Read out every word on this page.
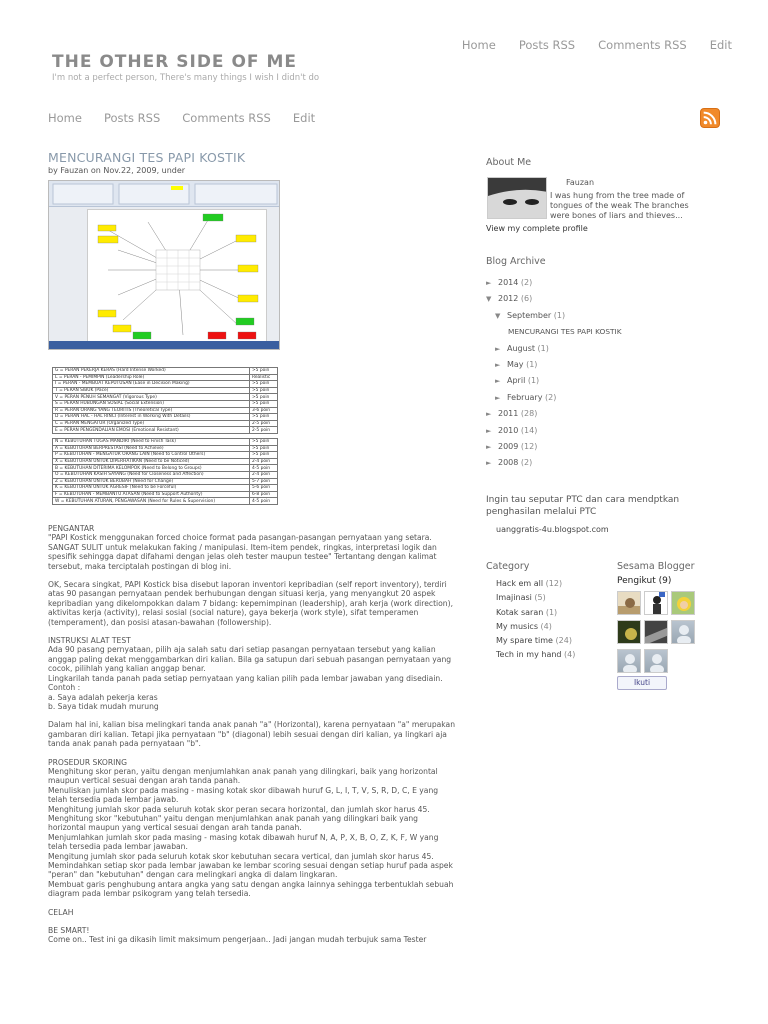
Home Posts RSS Comments RSS Edit
THE OTHER SIDE OF ME
I'm not a perfect person, There's many things I wish I didn't do
Home Posts RSS Comments RSS Edit
MENCURANGI TES PAPI KOSTIK
by Fauzan on Nov.22, 2009, under
G = PERAN PEKERJA KERAS (Hard Intense Worked)	>5 poin
L = PERAN - PEMIMPIN (Leadership Role)	Realistic
I = PERAN - MEMBUAT KEPUTUSAN (Ease in Decision Making)	>5 poin
T = PERAN SIBUK (Pace)	>5 poin
V = PERAN PENUH SEMANGAT (Vigorous Type)	>5 poin
S = PERAN HUBUNGAN SOSIAL (Social Extension)	>5 poin
R = PERAN ORANG YANG TEORITIS (Theoretical Type)	3-6 poin
D = PERAN HAL - HAL RINCI (Interest in Working With Details)	>5 poin
C = PERAN MENGATUR (Organized Type)	2-5 poin
E = PERAN PENGENDALIAN EMOSI (Emotional Resistant)	2-5 poin

N = KEBUTUHAN TUGAS MANDIRI (Need to Finish Task)	>5 poin
A = KEBUTUHAN BERPRESTASI (Need to Achieve)	>5 poin
P = KEBUTUHAN - MENGATUR ORANG LAIN (Need to Control Others)	>5 poin
X = KEBUTUHAN UNTUK DIPERHATIKAN (Need to be Noticed)	2-4 poin
B = KEBUTUHAN DITERIMA KELOMPOK (Need to Belong to Groups)	4-5 poin
O = KEBUTUHAN KASIH SAYANG (Need for Closeness and Affection)	2-4 poin
Z = KEBUTUHAN UNTUK BERUBAH (Need for Change)	5-7 poin
K = KEBUTUHAN UNTUK AGRESIF (Need to be Forceful)	5-6 poin
F = KEBUTUHAN - MEMBANTU ATASAN (Need to Support Authority)	6-8 poin
W = KEBUTUHAN ATURAN, PENGAWASAN (Need for Rules & Supervision)	4-5 poin

PENGANTAR
"PAPI Kostick menggunakan forced choice format pada pasangan-pasangan pernyataan yang setara.
SANGAT SULIT untuk melakukan faking / manipulasi. Item-item pendek, ringkas, interpretasi logik dan spesifik sehingga dapat difahami dengan jelas oleh tester maupun testee" Tertantang dengan kalimat tersebut, maka terciptalah postingan di blog ini.

OK, Secara singkat, PAPI Kostick bisa disebut laporan inventori kepribadian (self report inventory), terdiri atas 90 pasangan pernyataan pendek berhubungan dengan situasi kerja, yang menyangkut 20 aspek kepribadian yang dikelompokkan dalam 7 bidang: kepemimpinan (leadership), arah kerja (work direction), aktivitas kerja (activity), relasi sosial (social nature), gaya bekerja (work style), sifat temperamen (temperament), dan posisi atasan-bawahan (followership).

INSTRUKSI ALAT TEST
Ada 90 pasang pernyataan, pilih aja salah satu dari setiap pasangan pernyataan tersebut yang kalian anggap paling dekat menggambarkan diri kalian. Bila ga satupun dari sebuah pasangan pernyataan yang cocok, pilihlah yang kalian anggap benar.
Lingkarilah tanda panah pada setiap pernyataan yang kalian pilih pada lembar jawaban yang disediain.
Contoh :
a. Saya adalah pekerja keras
b. Saya tidak mudah murung

Dalam hal ini, kalian bisa melingkari tanda anak panah "a" (Horizontal), karena pernyataan "a" merupakan gambaran diri kalian. Tetapi jika pernyataan "b" (diagonal) lebih sesuai dengan diri kalian, ya lingkari aja tanda anak panah pada pernyataan "b".

PROSEDUR SKORING
Menghitung skor peran, yaitu dengan menjumlahkan anak panah yang dilingkari, baik yang horizontal maupun vertical sesuai dengan arah tanda panah.
Menuliskan jumlah skor pada masing - masing kotak skor dibawah huruf G, L, I, T, V, S, R, D, C, E yang telah tersedia pada lembar jawab.
Menghitung jumlah skor pada seluruh kotak skor peran secara horizontal, dan jumlah skor harus 45.
Menghitung skor "kebutuhan" yaitu dengan menjumlahkan anak panah yang dilingkari baik yang horizontal maupun yang vertical sesuai dengan arah tanda panah.
Menjumlahkan jumlah skor pada masing - masing kotak dibawah huruf N, A, P, X, B, O, Z, K, F, W yang telah tersedia pada lembar jawaban.
Mengitung jumlah skor pada seluruh kotak skor kebutuhan secara vertical, dan jumlah skor harus 45.
Memindahkan setiap skor pada lembar jawaban ke lembar scoring sesuai dengan setiap huruf pada aspek "peran" dan "kebutuhan" dengan cara melingkari angka di dalam lingkaran.
Membuat garis penghubung antara angka yang satu dengan angka lainnya sehingga terbentuklah sebuah diagram pada lembar psikogram yang telah tersedia.

CELAH

BE SMART!
Come on.. Test ini ga dikasih limit maksimum pengerjaan.. Jadi jangan mudah terbujuk sama Tester

About Me
Fauzan
I was hung from the tree made of tongues of the weak The branches were bones of liars and thieves...
View my complete profile
Blog Archive
► 2014 (2)
▼ 2012 (6)
▼ September (1)
MENCURANGI TES PAPI KOSTIK
► August (1)
► May (1)
► April (1)
► February (2)
► 2011 (28)
► 2010 (14)
► 2009 (12)
► 2008 (2)
Ingin tau seputar PTC dan cara mendptkan penghasilan melalui PTC
uanggratis-4u.blogspot.com
Category
Hack em all (12)
Imajinasi (5)
Kotak saran (1)
My musics (4)
My spare time (24)
Tech in my hand (4)
Sesama Blogger
Pengikut (9)
Ikuti
